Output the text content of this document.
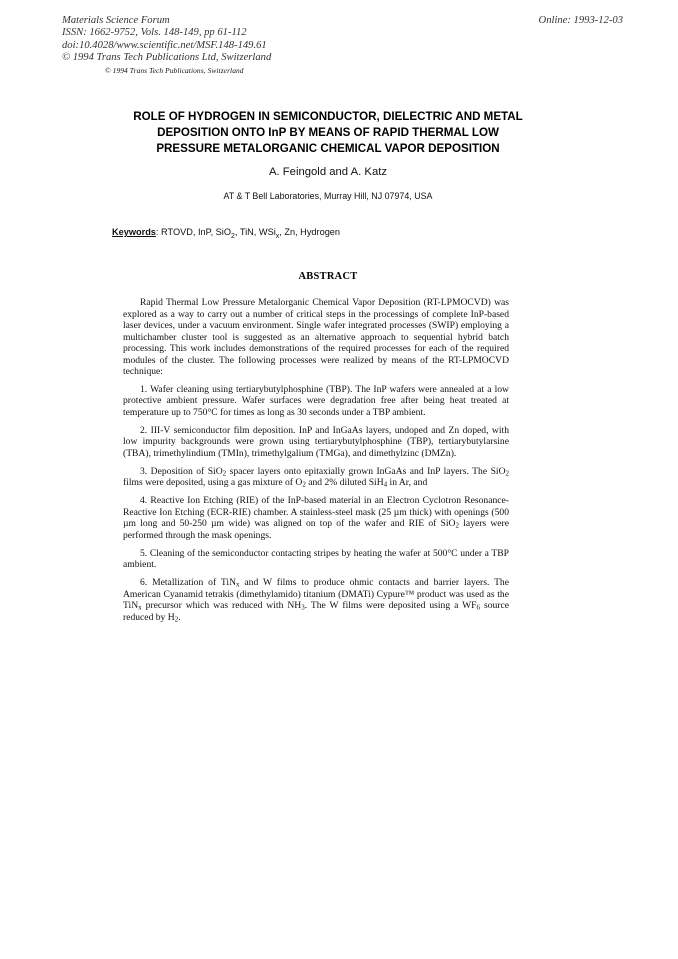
Materials Science Forum
ISSN: 1662-9752, Vols. 148-149, pp 61-112
doi:10.4028/www.scientific.net/MSF.148-149.61
© 1994 Trans Tech Publications Ltd, Switzerland
Online: 1993-12-03
© 1994 Trans Tech Publications, Switzerland
ROLE OF HYDROGEN IN SEMICONDUCTOR, DIELECTRIC AND METAL
DEPOSITION ONTO InP BY MEANS OF RAPID THERMAL LOW
PRESSURE METALORGANIC CHEMICAL VAPOR DEPOSITION
A. Feingold and A. Katz
AT & T Bell Laboratories, Murray Hill, NJ 07974, USA
Keywords: RTOVD, InP, SiO$_2$, TiN, WSi$_x$, Zn, Hydrogen
ABSTRACT

Rapid Thermal Low Pressure Metalorganic Chemical Vapor Deposition (RT-LPMOCVD) was explored as a way to carry out a number of critical steps in the processings of complete InP-based laser devices, under a vacuum environment. Single wafer integrated processes (SWIP) employing a multichamber cluster tool is suggested as an alternative approach to sequential hybrid batch processing. This work includes demonstrations of the required processes for each of the required modules of the cluster. The following processes were realized by means of the RT-LPMOCVD technique:

1. Wafer cleaning using tertiarybutylphosphine (TBP). The InP wafers were annealed at a low protective ambient pressure. Wafer surfaces were degradation free after being heat treated at temperature up to 750°C for times as long as 30 seconds under a TBP ambient.

2. III-V semiconductor film deposition. InP and InGaAs layers, undoped and Zn doped, with low impurity backgrounds were grown using tertiarybutylphosphine (TBP), tertiarybutylarsine (TBA), trimethylindium (TMIn), trimethylgalium (TMGa), and dimethylzinc (DMZn).

3. Deposition of SiO$_2$ spacer layers onto epitaxially grown InGaAs and InP layers. The SiO$_2$ films were deposited, using a gas mixture of $O_2$ and 2% diluted SiH$_4$ in Ar, and

4. Reactive Ion Etching (RIE) of the InP-based material in an Electron Cyclotron Resonance-Reactive Ion Etching (ECR-RIE) chamber. A stainless-steel mask (25 µm thick) with openings (500 µm long and 50-250 µm wide) was aligned on top of the wafer and RIE of SiO$_2$ layers were performed through the mask openings.

5. Cleaning of the semiconductor contacting stripes by heating the wafer at 500°C under a TBP ambient.

6. Metallization of TiN$_x$ and W films to produce ohmic contacts and barrier layers. The American Cyanamid tetrakis (dimethylamido) titanium (DMATi) Cypure™ product was used as the TiN$_x$ precursor which was reduced with $NH_3$. The W films were deposited using a $WF_6$ source reduced by $H_2$.
